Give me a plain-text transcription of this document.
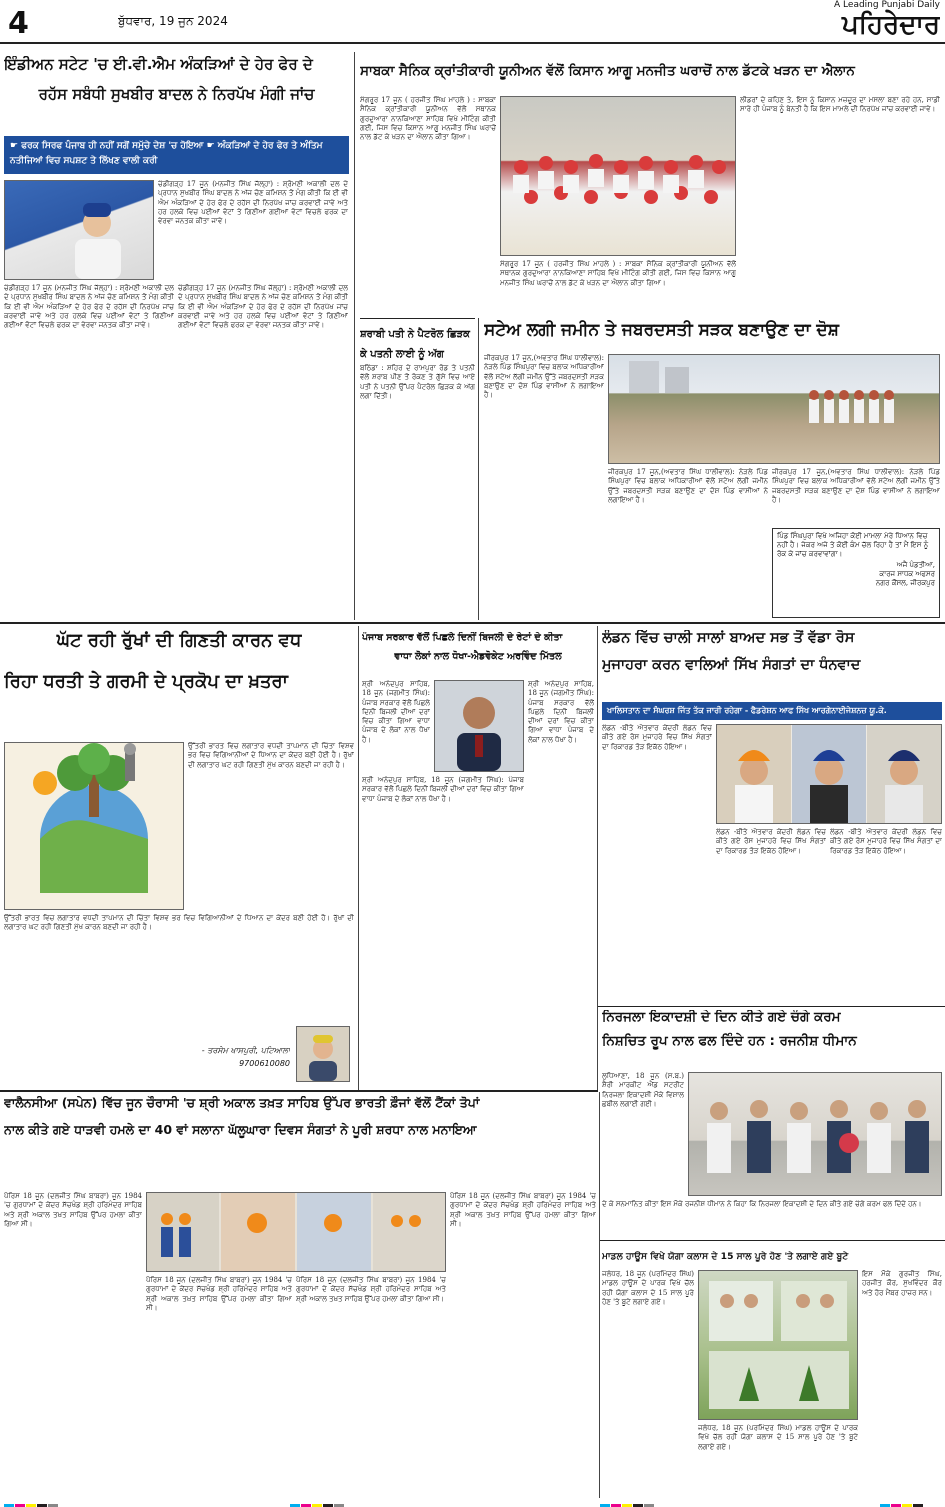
4	ਬੁੱਧਵਾਰ, 19 ਜੂਨ 2024
A Leading Punjabi Daily
ਪਹਿਰੇਦਾਰ
ਇੰਡੀਅਨ ਸਟੇਟ 'ਚ ਈ.ਵੀ.ਐਮ ਅੰਕੜਿਆਂ ਦੇ ਹੇਰ ਫੇਰ ਦੇ
ਰਹੱਸ ਸਬੰਧੀ ਸੁਖਬੀਰ ਬਾਦਲ ਨੇ ਨਿਰਪੱਖ ਮੰਗੀ ਜਾਂਚ
☛ ਫਰਕ ਸਿਰਫ ਪੰਜਾਬ ਹੀ ਨਹੀਂ ਸਗੋਂ ਸਮੁੱਚੇ ਦੇਸ਼ 'ਚ ਹੋਇਆ ☛ ਅੰਕੜਿਆਂ ਦੇ ਹੇਰ ਫੇਰ ਤੇ ਅੰਤਿਮ ਨਤੀਜਿਆਂ ਵਿਚ ਸਪਸ਼ਟ ਤੇ ਲਿੱਖਣ ਵਾਲੀ ਕਰੀ
ਚੰਡੀਗੜ੍ਹ 17 ਜੂਨ (ਮਨਜੀਤ ਸਿੰਘ ਜੱਲ੍ਹਾ) : ਸ਼੍ਰੋਮਣੀ ਅਕਾਲੀ ਦਲ ਦੇ ਪ੍ਰਧਾਨ ਸੁਖਬੀਰ ਸਿੰਘ ਬਾਦਲ ਨੇ ਅੱਜ ਚੋਣ ਕਮਿਸ਼ਨ ਤੋਂ ਮੰਗ ਕੀਤੀ ਕਿ ਈ ਵੀ ਐਮ ਅੰਕੜਿਆਂ ਦੇ ਹੇਰ ਫੇਰ ਦੇ ਰਹੱਸ ਦੀ ਨਿਰਪੱਖ ਜਾਂਚ ਕਰਵਾਈ ਜਾਵੇ ਅਤੇ ਹਰ ਹਲਕੇ ਵਿਚ ਪਈਆਂ ਵੋਟਾਂ ਤੇ ਗਿਣੀਆਂ ਗਈਆਂ ਵੋਟਾਂ ਵਿਚਲੇ ਫਰਕ ਦਾ ਵੇਰਵਾ ਜਨਤਕ ਕੀਤਾ ਜਾਵੇ।
ਚੰਡੀਗੜ੍ਹ 17 ਜੂਨ (ਮਨਜੀਤ ਸਿੰਘ ਜੱਲ੍ਹਾ) : ਸ਼੍ਰੋਮਣੀ ਅਕਾਲੀ ਦਲ ਦੇ ਪ੍ਰਧਾਨ ਸੁਖਬੀਰ ਸਿੰਘ ਬਾਦਲ ਨੇ ਅੱਜ ਚੋਣ ਕਮਿਸ਼ਨ ਤੋਂ ਮੰਗ ਕੀਤੀ ਕਿ ਈ ਵੀ ਐਮ ਅੰਕੜਿਆਂ ਦੇ ਹੇਰ ਫੇਰ ਦੇ ਰਹੱਸ ਦੀ ਨਿਰਪੱਖ ਜਾਂਚ ਕਰਵਾਈ ਜਾਵੇ ਅਤੇ ਹਰ ਹਲਕੇ ਵਿਚ ਪਈਆਂ ਵੋਟਾਂ ਤੇ ਗਿਣੀਆਂ ਗਈਆਂ ਵੋਟਾਂ ਵਿਚਲੇ ਫਰਕ ਦਾ ਵੇਰਵਾ ਜਨਤਕ ਕੀਤਾ ਜਾਵੇ।
ਚੰਡੀਗੜ੍ਹ 17 ਜੂਨ (ਮਨਜੀਤ ਸਿੰਘ ਜੱਲ੍ਹਾ) : ਸ਼੍ਰੋਮਣੀ ਅਕਾਲੀ ਦਲ ਦੇ ਪ੍ਰਧਾਨ ਸੁਖਬੀਰ ਸਿੰਘ ਬਾਦਲ ਨੇ ਅੱਜ ਚੋਣ ਕਮਿਸ਼ਨ ਤੋਂ ਮੰਗ ਕੀਤੀ ਕਿ ਈ ਵੀ ਐਮ ਅੰਕੜਿਆਂ ਦੇ ਹੇਰ ਫੇਰ ਦੇ ਰਹੱਸ ਦੀ ਨਿਰਪੱਖ ਜਾਂਚ ਕਰਵਾਈ ਜਾਵੇ ਅਤੇ ਹਰ ਹਲਕੇ ਵਿਚ ਪਈਆਂ ਵੋਟਾਂ ਤੇ ਗਿਣੀਆਂ ਗਈਆਂ ਵੋਟਾਂ ਵਿਚਲੇ ਫਰਕ ਦਾ ਵੇਰਵਾ ਜਨਤਕ ਕੀਤਾ ਜਾਵੇ।
ਸਾਬਕਾ ਸੈਨਿਕ ਕ੍ਰਾਂਤੀਕਾਰੀ ਯੂਨੀਅਨ ਵੱਲੋਂ ਕਿਸਾਨ ਆਗੂ ਮਨਜੀਤ ਘਰਾਚੋਂ ਨਾਲ ਡੱਟਕੇ ਖੜਨ ਦਾ ਐਲਾਨ
ਸੰਗਰੂਰ 17 ਜੂਨ ( ਹਰਜੀਤ ਸਿੰਘ ਮਾਹਲੇ ) : ਸਾਬਕਾ ਸੈਨਿਕ ਕ੍ਰਾਂਤੀਕਾਰੀ ਯੂਨੀਅਨ ਵੱਲੋਂ ਸਥਾਨਕ ਗੁਰਦੁਆਰਾ ਨਾਨਕਿਆਣਾ ਸਾਹਿਬ ਵਿਖੇ ਮੀਟਿੰਗ ਕੀਤੀ ਗਈ, ਜਿਸ ਵਿਚ ਕਿਸਾਨ ਆਗੂ ਮਨਜੀਤ ਸਿੰਘ ਘਰਾਚੋਂ ਨਾਲ ਡੱਟ ਕੇ ਖੜਨ ਦਾ ਐਲਾਨ ਕੀਤਾ ਗਿਆ।
ਲੀਡਰਾਂ ਦੇ ਕਹਿਣ ਤੇ, ਇਸ ਨੂੰ ਕਿਸਾਨ ਮਜ਼ਦੂਰ ਦਾ ਮਸਲਾ ਬਣਾ ਰਹੇ ਹਨ, ਸਾਡੀ ਸਾਰੇ ਹੀ ਪੰਜਾਬ ਨੂੰ ਬੇਨਤੀ ਹੈ ਕਿ ਇਸ ਮਾਮਲੇ ਦੀ ਨਿਰਪੱਖ ਜਾਂਚ ਕਰਵਾਈ ਜਾਵੇ।
ਸੰਗਰੂਰ 17 ਜੂਨ ( ਹਰਜੀਤ ਸਿੰਘ ਮਾਹਲੇ ) : ਸਾਬਕਾ ਸੈਨਿਕ ਕ੍ਰਾਂਤੀਕਾਰੀ ਯੂਨੀਅਨ ਵੱਲੋਂ ਸਥਾਨਕ ਗੁਰਦੁਆਰਾ ਨਾਨਕਿਆਣਾ ਸਾਹਿਬ ਵਿਖੇ ਮੀਟਿੰਗ ਕੀਤੀ ਗਈ, ਜਿਸ ਵਿਚ ਕਿਸਾਨ ਆਗੂ ਮਨਜੀਤ ਸਿੰਘ ਘਰਾਚੋਂ ਨਾਲ ਡੱਟ ਕੇ ਖੜਨ ਦਾ ਐਲਾਨ ਕੀਤਾ ਗਿਆ।
ਸ਼ਰਾਬੀ ਪਤੀ ਨੇ ਪੈਟਰੋਲ ਛਿੜਕ ਕੇ ਪਤਨੀ ਲਾਈ ਨੂੰ ਅੱਗ
ਬਠਿੰਡਾ : ਸ਼ਹਿਰ ਦੇ ਰਾਮਪੁਰਾ ਰੋਡ ਤੇ ਪਤਨੀ ਵੱਲੋਂ ਸ਼ਰਾਬ ਪੀਣ ਤੋਂ ਰੋਕਣ ਤੇ ਗੁੱਸੇ ਵਿਚ ਆਏ ਪਤੀ ਨੇ ਪਤਨੀ ਉੱਪਰ ਪੈਟਰੋਲ ਛਿੜਕ ਕੇ ਅੱਗ ਲਗਾ ਦਿੱਤੀ।
ਸਟੇਅ ਲਗੀ ਜਮੀਨ ਤੇ ਜਬਰਦਸਤੀ ਸੜਕ ਬਣਾਉਣ ਦਾ ਦੋਸ਼
ਜੀਰਕਪੁਰ 17 ਜੂਨ,(ਅਵਤਾਰ ਸਿੰਘ ਧਾਲੀਵਾਲ): ਨੇੜਲੇ ਪਿੰਡ ਸਿੰਘਪੁਰਾ ਵਿਚ ਬਲਾਕ ਅਧਿਕਾਰੀਆਂ ਵੱਲੋਂ ਸਟੇਅ ਲੱਗੀ ਜਮੀਨ ਉੱਤੇ ਜਬਰਦਸਤੀ ਸੜਕ ਬਣਾਉਣ ਦਾ ਦੋਸ਼ ਪਿੰਡ ਵਾਸੀਆਂ ਨੇ ਲਗਾਇਆ ਹੈ।
ਜੀਰਕਪੁਰ 17 ਜੂਨ,(ਅਵਤਾਰ ਸਿੰਘ ਧਾਲੀਵਾਲ): ਨੇੜਲੇ ਪਿੰਡ ਸਿੰਘਪੁਰਾ ਵਿਚ ਬਲਾਕ ਅਧਿਕਾਰੀਆਂ ਵੱਲੋਂ ਸਟੇਅ ਲੱਗੀ ਜਮੀਨ ਉੱਤੇ ਜਬਰਦਸਤੀ ਸੜਕ ਬਣਾਉਣ ਦਾ ਦੋਸ਼ ਪਿੰਡ ਵਾਸੀਆਂ ਨੇ ਲਗਾਇਆ ਹੈ।
ਜੀਰਕਪੁਰ 17 ਜੂਨ,(ਅਵਤਾਰ ਸਿੰਘ ਧਾਲੀਵਾਲ): ਨੇੜਲੇ ਪਿੰਡ ਸਿੰਘਪੁਰਾ ਵਿਚ ਬਲਾਕ ਅਧਿਕਾਰੀਆਂ ਵੱਲੋਂ ਸਟੇਅ ਲੱਗੀ ਜਮੀਨ ਉੱਤੇ ਜਬਰਦਸਤੀ ਸੜਕ ਬਣਾਉਣ ਦਾ ਦੋਸ਼ ਪਿੰਡ ਵਾਸੀਆਂ ਨੇ ਲਗਾਇਆ ਹੈ।
ਪਿੰਡ ਸਿੰਘਪੁਰਾ ਵਿਖੇ ਅਜਿਹਾ ਕੋਈ ਮਾਮਲਾ ਮੇਰੇ ਧਿਆਨ ਵਿਚ ਨਹੀਂ ਹੈ। ਜੇਕਰ ਅਜੇ ਤੇ ਕੋਈ ਕੰਮ ਚੱਲ ਰਿਹਾ ਹੈ ਤਾਂ ਮੈਂ ਇਸ ਨੂੰ ਰੋਕ ਕੇ ਜਾਂਚ ਕਰਵਾਵਾਂਗਾ।
ਅਜੈ ਪੰਡਤੀਆ,
ਕਾਰਜ ਸਾਧਕ ਅਫਸਰ
ਨਗਰ ਕੌਂਸਲ, ਜੀਰਕਪੁਰ
ਘੱਟ ਰਹੀ ਰੁੱਖਾਂ ਦੀ ਗਿਣਤੀ ਕਾਰਨ ਵਧ
ਰਿਹਾ ਧਰਤੀ ਤੇ ਗਰਮੀ ਦੇ ਪ੍ਰਕੋਪ ਦਾ ਖ਼ਤਰਾ
ਉੱਤਰੀ ਭਾਰਤ ਵਿਚ ਲਗਾਤਾਰ ਵਧਦੀ ਤਾਪਮਾਨ ਦੀ ਚਿੰਤਾ ਵਿਸ਼ਵ ਭਰ ਵਿਚ ਵਿਗਿਆਨੀਆਂ ਦੇ ਧਿਆਨ ਦਾ ਕੇਂਦਰ ਬਣੀ ਹੋਈ ਹੈ। ਰੁੱਖਾਂ ਦੀ ਲਗਾਤਾਰ ਘਟ ਰਹੀ ਗਿਣਤੀ ਮੁੱਖ ਕਾਰਨ ਬਣਦੀ ਜਾ ਰਹੀ ਹੈ।
ਉੱਤਰੀ ਭਾਰਤ ਵਿਚ ਲਗਾਤਾਰ ਵਧਦੀ ਤਾਪਮਾਨ ਦੀ ਚਿੰਤਾ ਵਿਸ਼ਵ ਭਰ ਵਿਚ ਵਿਗਿਆਨੀਆਂ ਦੇ ਧਿਆਨ ਦਾ ਕੇਂਦਰ ਬਣੀ ਹੋਈ ਹੈ। ਰੁੱਖਾਂ ਦੀ ਲਗਾਤਾਰ ਘਟ ਰਹੀ ਗਿਣਤੀ ਮੁੱਖ ਕਾਰਨ ਬਣਦੀ ਜਾ ਰਹੀ ਹੈ।
- ਤਰਸੇਮ ਖਾਸਪੁਰੀ, ਪਟਿਆਲਾ
9700610080
ਪੰਜਾਬ ਸਰਕਾਰ ਵੱਲੋਂ ਪਿਛਲੇ ਦਿਨੀਂ ਬਿਜਲੀ ਦੇ ਰੇਟਾਂ ਦੇ ਕੀਤਾ
ਵਾਧਾ ਲੋਕਾਂ ਨਾਲ ਧੋਖਾ-ਐਡਵੋਕੇਟ ਅਰਵਿੰਦ ਮਿੱਤਲ
ਸ਼੍ਰੀ ਅਨੰਦਪੁਰ ਸਾਹਿਬ, 18 ਜੂਨ (ਜਗਮੀਤ ਸਿੰਘ): ਪੰਜਾਬ ਸਰਕਾਰ ਵੱਲੋਂ ਪਿਛਲੇ ਦਿਨੀਂ ਬਿਜਲੀ ਦੀਆਂ ਦਰਾਂ ਵਿਚ ਕੀਤਾ ਗਿਆ ਵਾਧਾ ਪੰਜਾਬ ਦੇ ਲੋਕਾਂ ਨਾਲ ਧੋਖਾ ਹੈ।
ਸ਼੍ਰੀ ਅਨੰਦਪੁਰ ਸਾਹਿਬ, 18 ਜੂਨ (ਜਗਮੀਤ ਸਿੰਘ): ਪੰਜਾਬ ਸਰਕਾਰ ਵੱਲੋਂ ਪਿਛਲੇ ਦਿਨੀਂ ਬਿਜਲੀ ਦੀਆਂ ਦਰਾਂ ਵਿਚ ਕੀਤਾ ਗਿਆ ਵਾਧਾ ਪੰਜਾਬ ਦੇ ਲੋਕਾਂ ਨਾਲ ਧੋਖਾ ਹੈ।
ਸ਼੍ਰੀ ਅਨੰਦਪੁਰ ਸਾਹਿਬ, 18 ਜੂਨ (ਜਗਮੀਤ ਸਿੰਘ): ਪੰਜਾਬ ਸਰਕਾਰ ਵੱਲੋਂ ਪਿਛਲੇ ਦਿਨੀਂ ਬਿਜਲੀ ਦੀਆਂ ਦਰਾਂ ਵਿਚ ਕੀਤਾ ਗਿਆ ਵਾਧਾ ਪੰਜਾਬ ਦੇ ਲੋਕਾਂ ਨਾਲ ਧੋਖਾ ਹੈ।
ਲੰਡਨ ਵਿੱਚ ਚਾਲੀ ਸਾਲਾਂ ਬਾਅਦ ਸਭ ਤੋਂ ਵੱਡਾ ਰੋਸ
ਮੁਜਾਹਰਾ ਕਰਨ ਵਾਲਿਆਂ ਸਿੱਖ ਸੰਗਤਾਂ ਦਾ ਧੰਨਵਾਦ
ਖਾਲਿਸਤਾਨ ਦਾ ਸੰਘਰਸ਼ ਜਿੱਤ ਤੱਕ ਜਾਰੀ ਰਹੇਗਾ - ਫੈਡਰੇਸ਼ਨ ਆਫ ਸਿੱਖ ਆਰਗੇਨਾਈਜੇਸ਼ਨਜ਼ ਯੂ.ਕੇ.
ਲੰਡਨ -ਬੀਤੇ ਐਤਵਾਰ ਕੇਂਦਰੀ ਲੰਡਨ ਵਿਚ ਕੀਤੇ ਗਏ ਰੋਸ ਮੁਜਾਹਰੇ ਵਿਚ ਸਿੱਖ ਸੰਗਤਾਂ ਦਾ ਰਿਕਾਰਡ ਤੋੜ ਇਕੱਠ ਹੋਇਆ।
ਲੰਡਨ -ਬੀਤੇ ਐਤਵਾਰ ਕੇਂਦਰੀ ਲੰਡਨ ਵਿਚ ਕੀਤੇ ਗਏ ਰੋਸ ਮੁਜਾਹਰੇ ਵਿਚ ਸਿੱਖ ਸੰਗਤਾਂ ਦਾ ਰਿਕਾਰਡ ਤੋੜ ਇਕੱਠ ਹੋਇਆ।
ਲੰਡਨ -ਬੀਤੇ ਐਤਵਾਰ ਕੇਂਦਰੀ ਲੰਡਨ ਵਿਚ ਕੀਤੇ ਗਏ ਰੋਸ ਮੁਜਾਹਰੇ ਵਿਚ ਸਿੱਖ ਸੰਗਤਾਂ ਦਾ ਰਿਕਾਰਡ ਤੋੜ ਇਕੱਠ ਹੋਇਆ।
ਨਿਰਜਲਾ ਇਕਾਦਸ਼ੀ ਦੇ ਦਿਨ ਕੀਤੇ ਗਏ ਚੰਗੇ ਕਰਮ
ਨਿਸ਼ਚਿਤ ਰੂਪ ਨਾਲ ਫਲ ਦਿੰਦੇ ਹਨ : ਰਜਨੀਸ਼ ਧੀਮਾਨ
ਲੁਧਿਆਣਾ, 18 ਜੂਨ (ਸ.ਬ.) ਸ਼ੈਰੀ ਮਾਰਕੀਟ ਐਂਡ ਸਟਰੀਟ ਨਿਰਜਲਾ ਇਕਾਦਸ਼ੀ ਮੌਕੇ ਵਿਸ਼ਾਲ ਛਬੀਲ ਲਗਾਈ ਗਈ।
ਦੇ ਕੇ ਸਨਮਾਨਿਤ ਕੀਤਾ ਇਸ ਮੌਕੇ ਰਜਨੀਸ਼ ਧੀਮਾਨ ਨੇ ਕਿਹਾ ਕਿ ਨਿਰਜਲਾ ਇਕਾਦਸ਼ੀ ਦੇ ਦਿਨ ਕੀਤੇ ਗਏ ਚੰਗੇ ਕਰਮ ਫਲ ਦਿੰਦੇ ਹਨ।
ਵਾਲੈਨਸੀਆ (ਸਪੇਨ) ਵਿੱਚ ਜੂਨ ਚੌਰਾਸੀ 'ਚ ਸ਼੍ਰੀ ਅਕਾਲ ਤਖ਼ਤ ਸਾਹਿਬ ਉੱਪਰ ਭਾਰਤੀ ਫ਼ੌਜਾਂ ਵੱਲੋਂ ਟੈਂਕਾਂ ਤੋਪਾਂ
ਨਾਲ ਕੀਤੇ ਗਏ ਧਾੜਵੀ ਹਮਲੇ ਦਾ 40 ਵਾਂ ਸਲਾਨਾ ਘੱਲੂਘਾਰਾ ਦਿਵਸ ਸੰਗਤਾਂ ਨੇ ਪੂਰੀ ਸ਼ਰਧਾ ਨਾਲ ਮਨਾਇਆ
ਪੈਰਿਸ 18 ਜੂਨ (ਦਲਜੀਤ ਸਿੰਘ ਬਾਬਰਾ) ਜੂਨ 1984 'ਚ ਗੁਰਧਾਮਾਂ ਦੇ ਕੇਂਦਰ ਸੱਚਖੰਡ ਸ਼੍ਰੀ ਹਰਿਮੰਦਰ ਸਾਹਿਬ ਅਤੇ ਸ਼੍ਰੀ ਅਕਾਲ ਤਖ਼ਤ ਸਾਹਿਬ ਉੱਪਰ ਹਮਲਾ ਕੀਤਾ ਗਿਆ ਸੀ।
ਪੈਰਿਸ 18 ਜੂਨ (ਦਲਜੀਤ ਸਿੰਘ ਬਾਬਰਾ) ਜੂਨ 1984 'ਚ ਗੁਰਧਾਮਾਂ ਦੇ ਕੇਂਦਰ ਸੱਚਖੰਡ ਸ਼੍ਰੀ ਹਰਿਮੰਦਰ ਸਾਹਿਬ ਅਤੇ ਸ਼੍ਰੀ ਅਕਾਲ ਤਖ਼ਤ ਸਾਹਿਬ ਉੱਪਰ ਹਮਲਾ ਕੀਤਾ ਗਿਆ ਸੀ।
ਪੈਰਿਸ 18 ਜੂਨ (ਦਲਜੀਤ ਸਿੰਘ ਬਾਬਰਾ) ਜੂਨ 1984 'ਚ ਗੁਰਧਾਮਾਂ ਦੇ ਕੇਂਦਰ ਸੱਚਖੰਡ ਸ਼੍ਰੀ ਹਰਿਮੰਦਰ ਸਾਹਿਬ ਅਤੇ ਸ਼੍ਰੀ ਅਕਾਲ ਤਖ਼ਤ ਸਾਹਿਬ ਉੱਪਰ ਹਮਲਾ ਕੀਤਾ ਗਿਆ ਸੀ।
ਪੈਰਿਸ 18 ਜੂਨ (ਦਲਜੀਤ ਸਿੰਘ ਬਾਬਰਾ) ਜੂਨ 1984 'ਚ ਗੁਰਧਾਮਾਂ ਦੇ ਕੇਂਦਰ ਸੱਚਖੰਡ ਸ਼੍ਰੀ ਹਰਿਮੰਦਰ ਸਾਹਿਬ ਅਤੇ ਸ਼੍ਰੀ ਅਕਾਲ ਤਖ਼ਤ ਸਾਹਿਬ ਉੱਪਰ ਹਮਲਾ ਕੀਤਾ ਗਿਆ ਸੀ।
ਮਾਡਲ ਹਾਊਸ ਵਿਖੇ ਯੋਗਾ ਕਲਾਸ ਦੇ 15 ਸਾਲ ਪੂਰੇ ਹੋਣ 'ਤੇ ਲਗਾਏ ਗਏ ਬੂਟੇ
ਜਲੰਧਰ, 18 ਜੂਨ (ਪਰਮਿੰਦਰ ਸਿੰਘ) ਮਾਡਲ ਹਾਊਸ ਦੇ ਪਾਰਕ ਵਿਖੇ ਚੱਲ ਰਹੀ ਯੋਗਾ ਕਲਾਸ ਦੇ 15 ਸਾਲ ਪੂਰੇ ਹੋਣ 'ਤੇ ਬੂਟੇ ਲਗਾਏ ਗਏ।
ਇਸ ਮੌਕੇ ਗੁਰਜੀਤ ਸਿੰਘ, ਹਰਜੀਤ ਕੌਰ, ਸੁਖਵਿੰਦਰ ਕੌਰ ਅਤੇ ਹੋਰ ਮੈਂਬਰ ਹਾਜ਼ਰ ਸਨ।
ਜਲੰਧਰ, 18 ਜੂਨ (ਪਰਮਿੰਦਰ ਸਿੰਘ) ਮਾਡਲ ਹਾਊਸ ਦੇ ਪਾਰਕ ਵਿਖੇ ਚੱਲ ਰਹੀ ਯੋਗਾ ਕਲਾਸ ਦੇ 15 ਸਾਲ ਪੂਰੇ ਹੋਣ 'ਤੇ ਬੂਟੇ ਲਗਾਏ ਗਏ।
